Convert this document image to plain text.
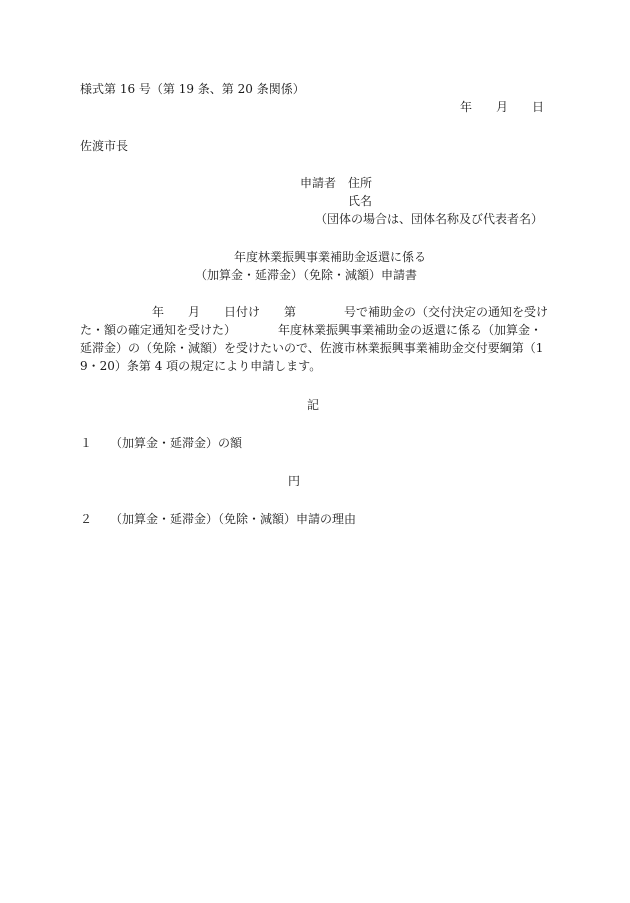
様式第 16 号（第 19 条、第 20 条関係）
年　　月　　日
佐渡市長
申請者　住所
氏名
（団体の場合は、団体名称及び代表者名）
年度林業振興事業補助金返還に係る
（加算金・延滞金）（免除・減額）申請書
　　　　　　年　　月　　日付け　　第　　　　号で補助金の（交付決定の通知を受け
た・額の確定通知を受けた）　　　　年度林業振興事業補助金の返還に係る（加算金・
延滞金）の（免除・減額）を受けたいので、佐渡市林業振興事業補助金交付要綱第（1
9・20）条第 4 項の規定により申請します。
記
１ （加算金・延滞金）の額
円
２ （加算金・延滞金）（免除・減額）申請の理由
